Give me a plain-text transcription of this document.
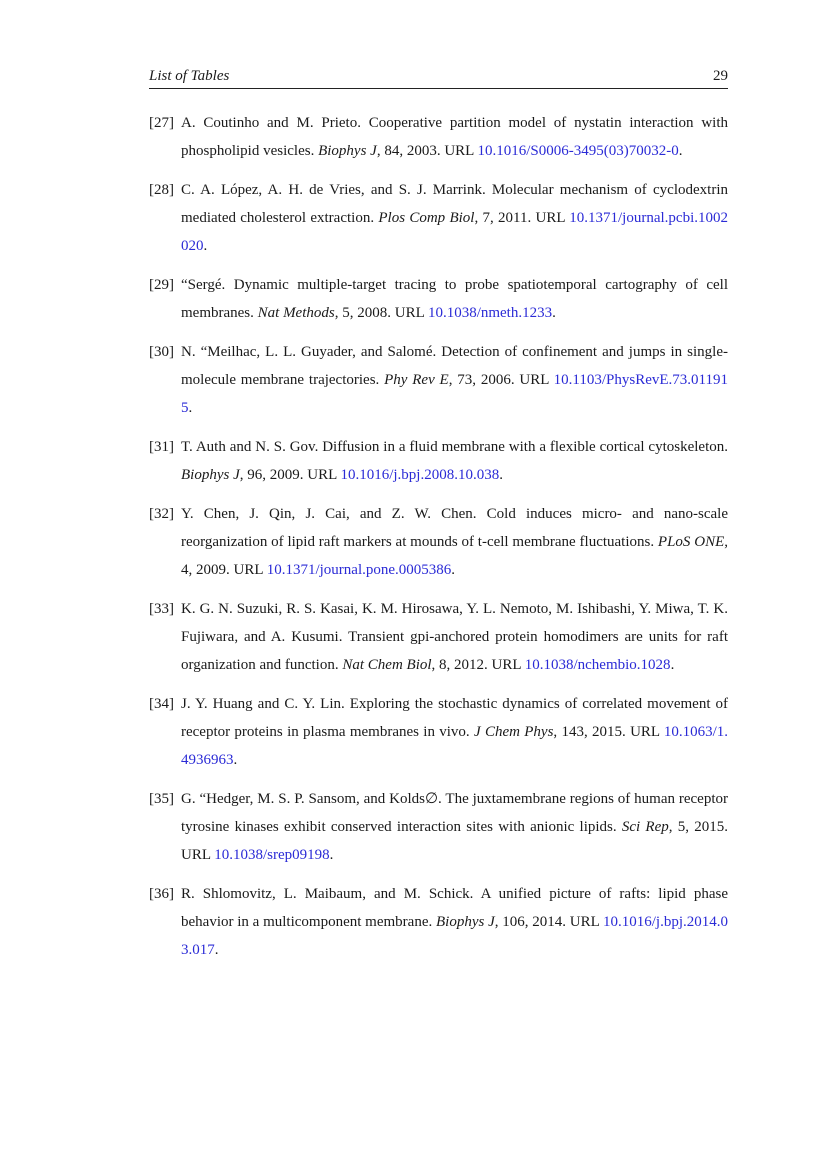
List of Tables	29
[27] A. Coutinho and M. Prieto. Cooperative partition model of nystatin interaction with phospholipid vesicles. Biophys J, 84, 2003. URL 10.1016/S0006-3495(03)70032-0.
[28] C. A. López, A. H. de Vries, and S. J. Marrink. Molecular mechanism of cyclodextrin mediated cholesterol extraction. Plos Comp Biol, 7, 2011. URL 10.1371/journal.pcbi.1002020.
[29] “Sergé. Dynamic multiple-target tracing to probe spatiotemporal cartography of cell membranes. Nat Methods, 5, 2008. URL 10.1038/nmeth.1233.
[30] N. “Meilhac, L. L. Guyader, and Salomé. Detection of confinement and jumps in single-molecule membrane trajectories. Phy Rev E, 73, 2006. URL 10.1103/PhysRevE.73.011915.
[31] T. Auth and N. S. Gov. Diffusion in a fluid membrane with a flexible cortical cytoskeleton. Biophys J, 96, 2009. URL 10.1016/j.bpj.2008.10.038.
[32] Y. Chen, J. Qin, J. Cai, and Z. W. Chen. Cold induces micro- and nano-scale reorganization of lipid raft markers at mounds of t-cell membrane fluctuations. PLoS ONE, 4, 2009. URL 10.1371/journal.pone.0005386.
[33] K. G. N. Suzuki, R. S. Kasai, K. M. Hirosawa, Y. L. Nemoto, M. Ishibashi, Y. Miwa, T. K. Fujiwara, and A. Kusumi. Transient gpi-anchored protein homodimers are units for raft organization and function. Nat Chem Biol, 8, 2012. URL 10.1038/nchembio.1028.
[34] J. Y. Huang and C. Y. Lin. Exploring the stochastic dynamics of correlated movement of receptor proteins in plasma membranes in vivo. J Chem Phys, 143, 2015. URL 10.1063/1.4936963.
[35] G. “Hedger, M. S. P. Sansom, and Kolds∅. The juxtamembrane regions of human receptor tyrosine kinases exhibit conserved interaction sites with anionic lipids. Sci Rep, 5, 2015. URL 10.1038/srep09198.
[36] R. Shlomovitz, L. Maibaum, and M. Schick. A unified picture of rafts: lipid phase behavior in a multicomponent membrane. Biophys J, 106, 2014. URL 10.1016/j.bpj.2014.03.017.
